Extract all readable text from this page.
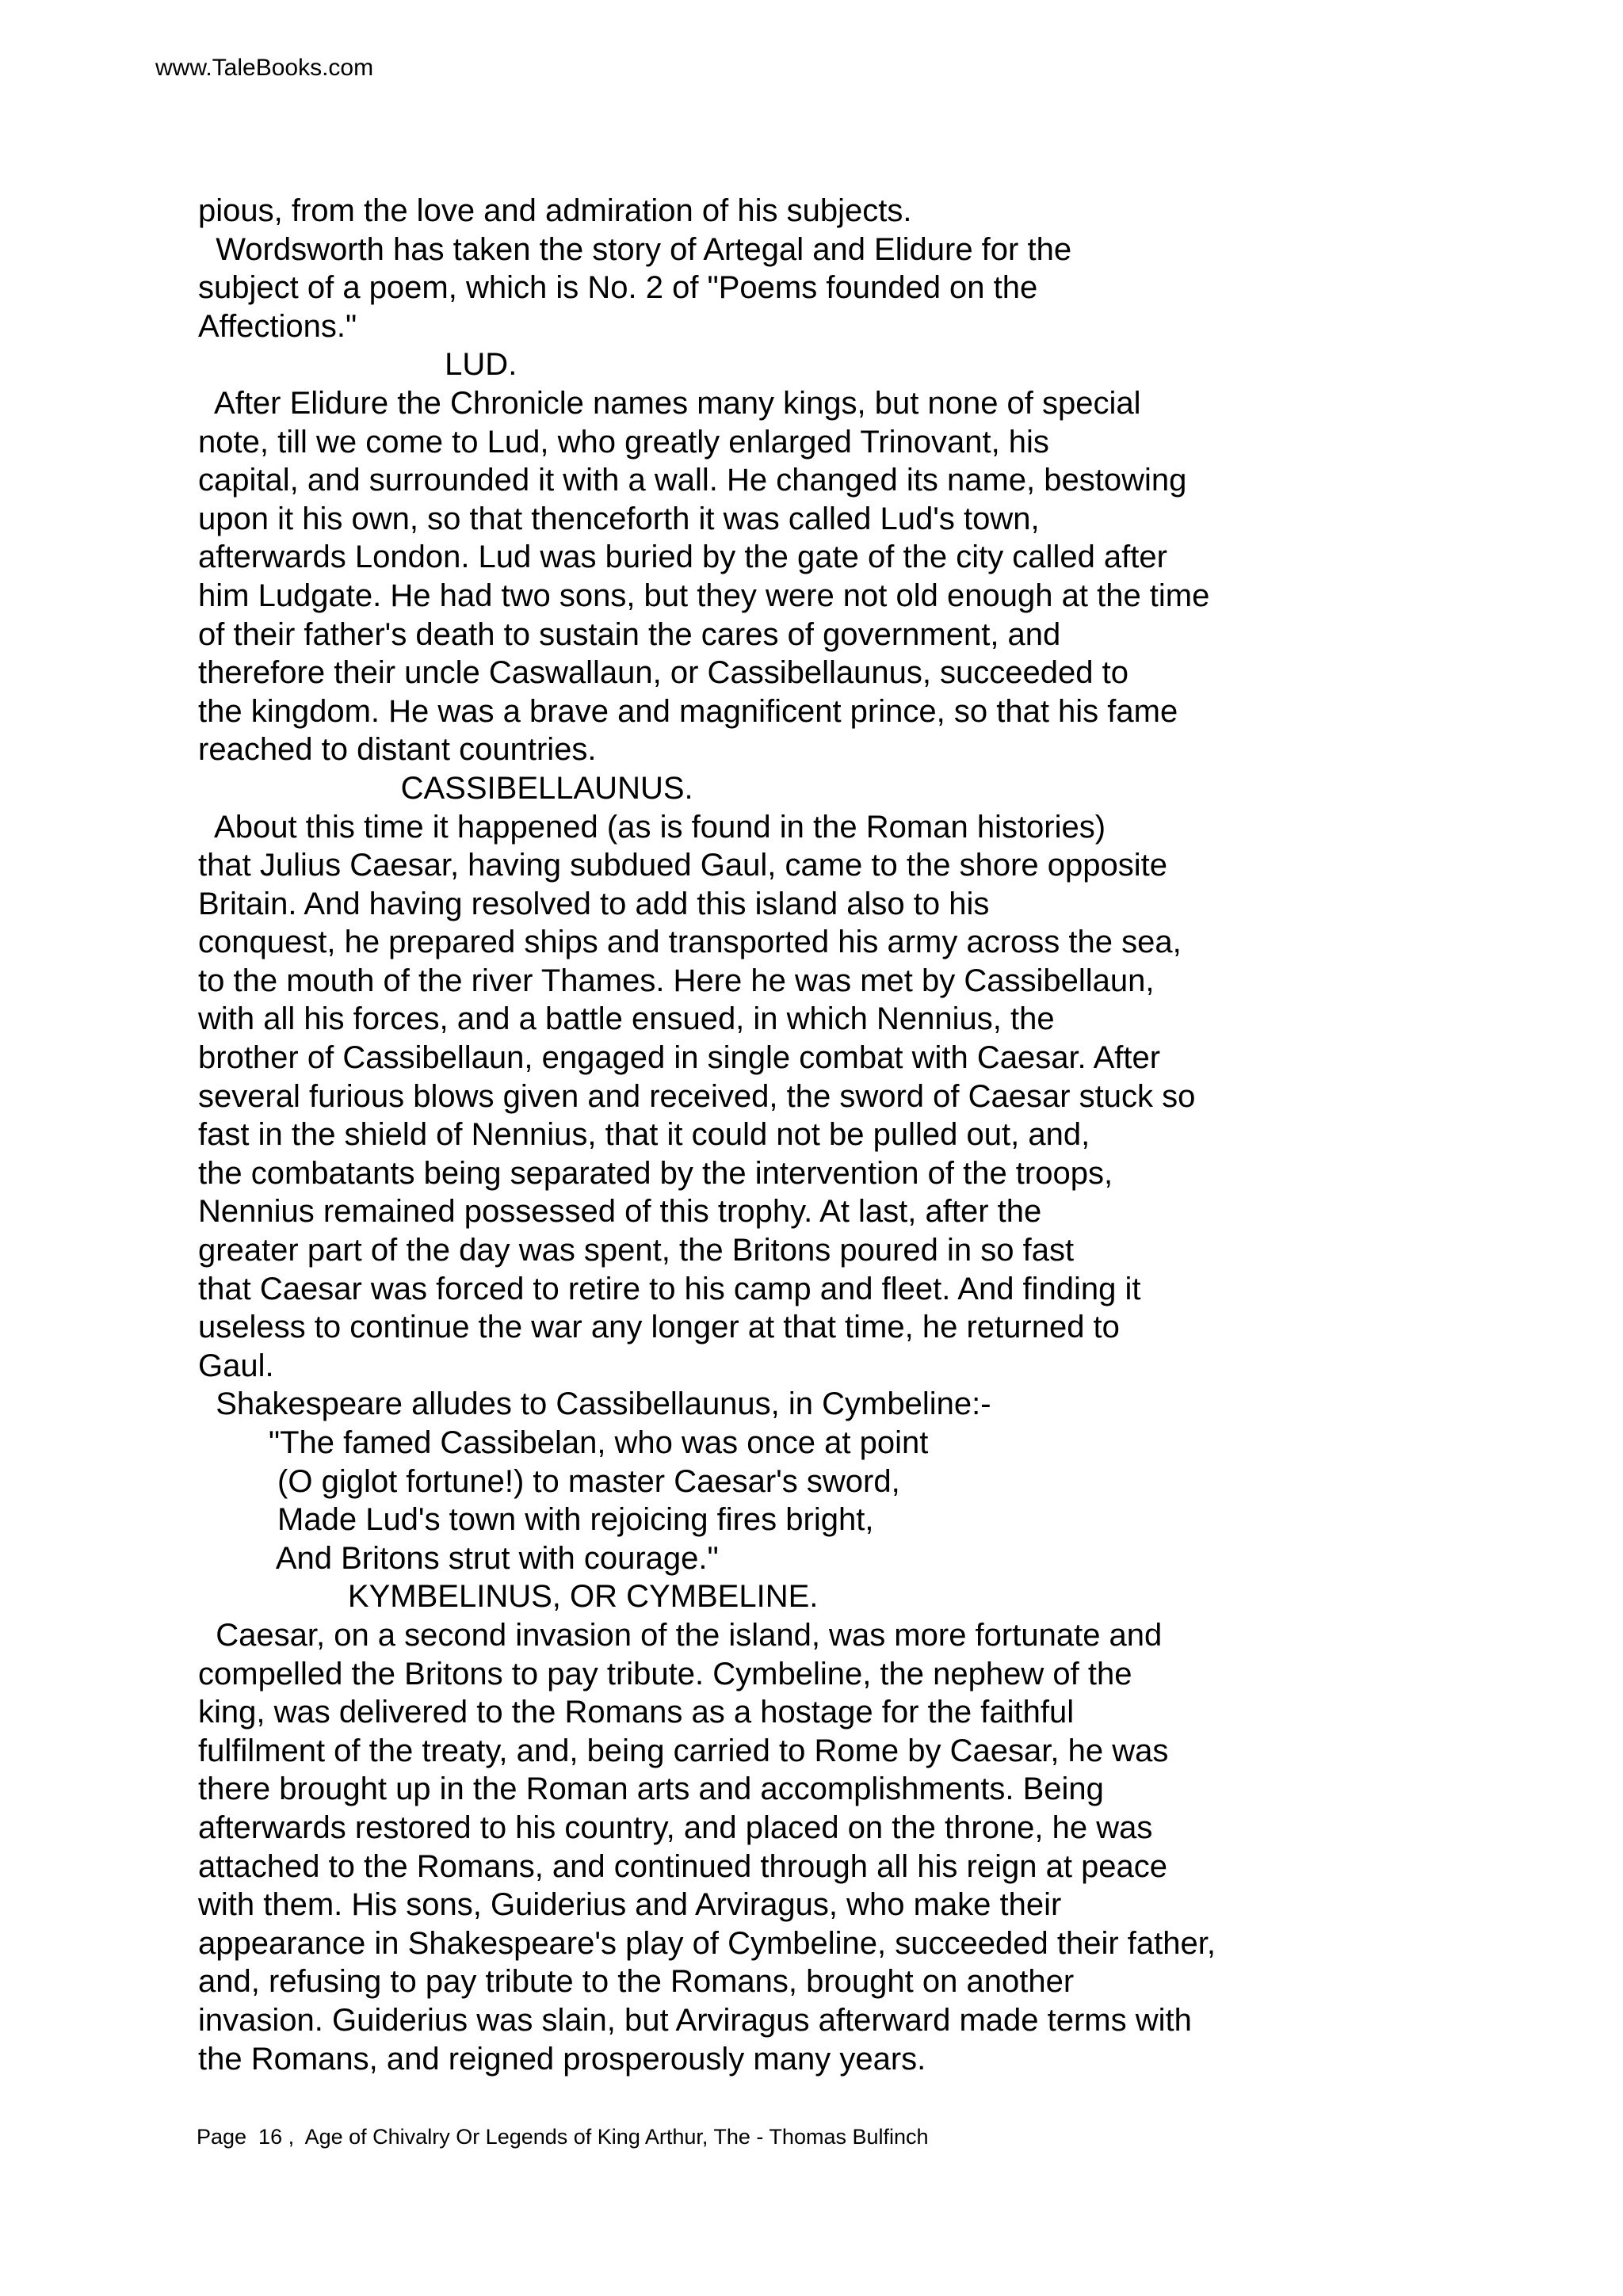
www.TaleBooks.com
pious, from the love and admiration of his subjects.
Wordsworth has taken the story of Artegal and Elidure for the
subject of a poem, which is No. 2 of "Poems founded on the
Affections."
LUD.
After Elidure the Chronicle names many kings, but none of special
note, till we come to Lud, who greatly enlarged Trinovant, his
capital, and surrounded it with a wall. He changed its name, bestowing
upon it his own, so that thenceforth it was called Lud's town,
afterwards London. Lud was buried by the gate of the city called after
him Ludgate. He had two sons, but they were not old enough at the time
of their father's death to sustain the cares of government, and
therefore their uncle Caswallaun, or Cassibellaunus, succeeded to
the kingdom. He was a brave and magnificent prince, so that his fame
reached to distant countries.
CASSIBELLAUNUS.
About this time it happened (as is found in the Roman histories)
that Julius Caesar, having subdued Gaul, came to the shore opposite
Britain. And having resolved to add this island also to his
conquest, he prepared ships and transported his army across the sea,
to the mouth of the river Thames. Here he was met by Cassibellaun,
with all his forces, and a battle ensued, in which Nennius, the
brother of Cassibellaun, engaged in single combat with Caesar. After
several furious blows given and received, the sword of Caesar stuck so
fast in the shield of Nennius, that it could not be pulled out, and,
the combatants being separated by the intervention of the troops,
Nennius remained possessed of this trophy. At last, after the
greater part of the day was spent, the Britons poured in so fast
that Caesar was forced to retire to his camp and fleet. And finding it
useless to continue the war any longer at that time, he returned to
Gaul.
Shakespeare alludes to Cassibellaunus, in Cymbeline:-
"The famed Cassibelan, who was once at point
(O giglot fortune!) to master Caesar's sword,
Made Lud's town with rejoicing fires bright,
And Britons strut with courage."
KYMBELINUS, OR CYMBELINE.
Caesar, on a second invasion of the island, was more fortunate and
compelled the Britons to pay tribute. Cymbeline, the nephew of the
king, was delivered to the Romans as a hostage for the faithful
fulfilment of the treaty, and, being carried to Rome by Caesar, he was
there brought up in the Roman arts and accomplishments. Being
afterwards restored to his country, and placed on the throne, he was
attached to the Romans, and continued through all his reign at peace
with them. His sons, Guiderius and Arviragus, who make their
appearance in Shakespeare's play of Cymbeline, succeeded their father,
and, refusing to pay tribute to the Romans, brought on another
invasion. Guiderius was slain, but Arviragus afterward made terms with
the Romans, and reigned prosperously many years.
Page  16 ,  Age of Chivalry Or Legends of King Arthur, The - Thomas Bulfinch
